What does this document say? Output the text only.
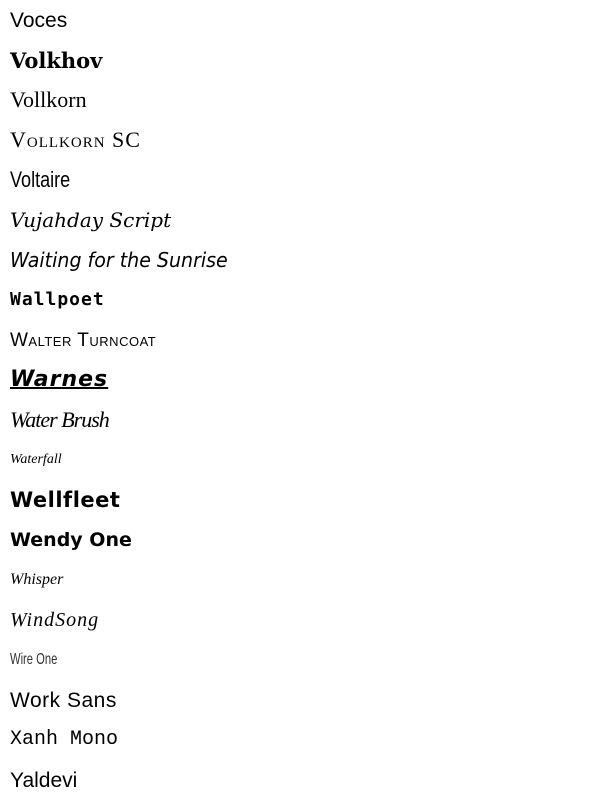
Voces
Volkhov
Vollkorn
Vollkorn SC
Voltaire
Vujahday Script
Waiting for the Sunrise
Wallpoet
Walter Turncoat
Warnes
Water Brush
Waterfall
Wellfleet
Wendy One
Whisper
WindSong
Wire One
Work Sans
Xanh Mono
Yaldevi
